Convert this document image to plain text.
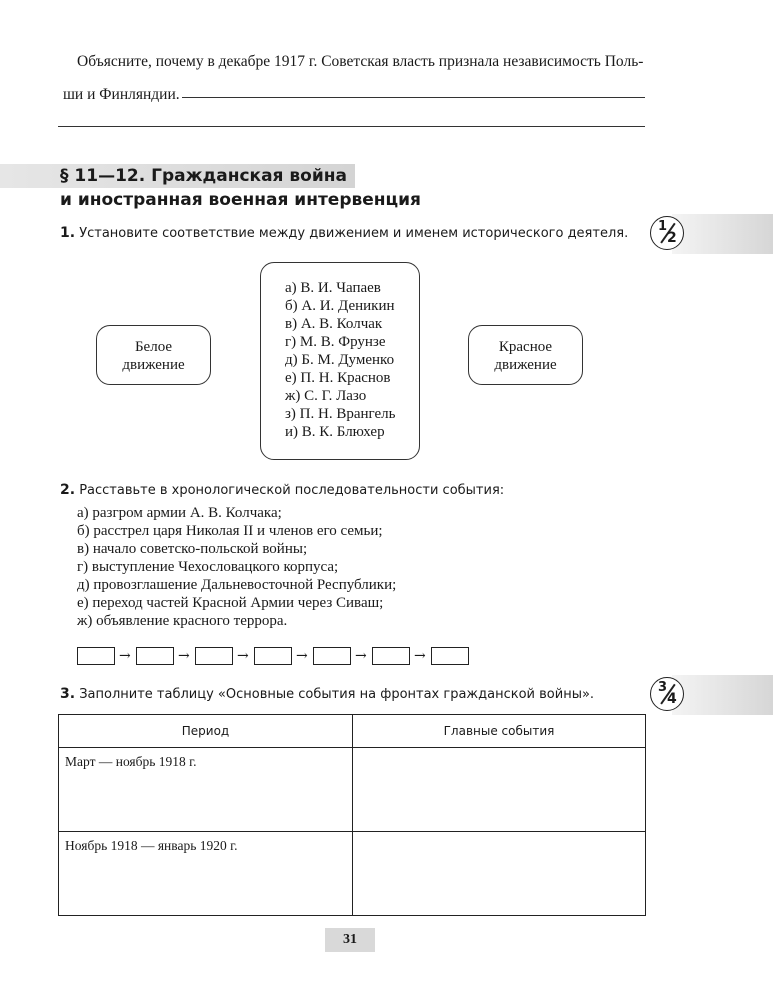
Объясните, почему в декабре 1917 г. Советская власть признала независимость Поль-
ши и Финляндии.
§ 11—12. Гражданская война
и иностранная военная интервенция
1
2
1. Установите соответствие между движением и именем исторического деятеля.
Белое
движение
а) В. И. Чапаев
б) А. И. Деникин
в) А. В. Колчак
г) М. В. Фрунзе
д) Б. М. Думенко
е) П. Н. Краснов
ж) С. Г. Лазо
з) П. Н. Врангель
и) В. К. Блюхер
Красное
движение
2. Расставьте в хронологической последовательности события:
а) разгром армии А. В. Колчака;
б) расстрел царя Николая II и членов его семьи;
в) начало советско-польской войны;
г) выступление Чехословацкого корпуса;
д) провозглашение Дальневосточной Республики;
е) переход частей Красной Армии через Сиваш;
ж) объявление красного террора.
→	→	→	→	→	→
3
4
3. Заполните таблицу «Основные события на фронтах гражданской войны».
Период	Главные события
Март — ноябрь 1918 г.	
Ноябрь 1918 — январь 1920 г.	
31
